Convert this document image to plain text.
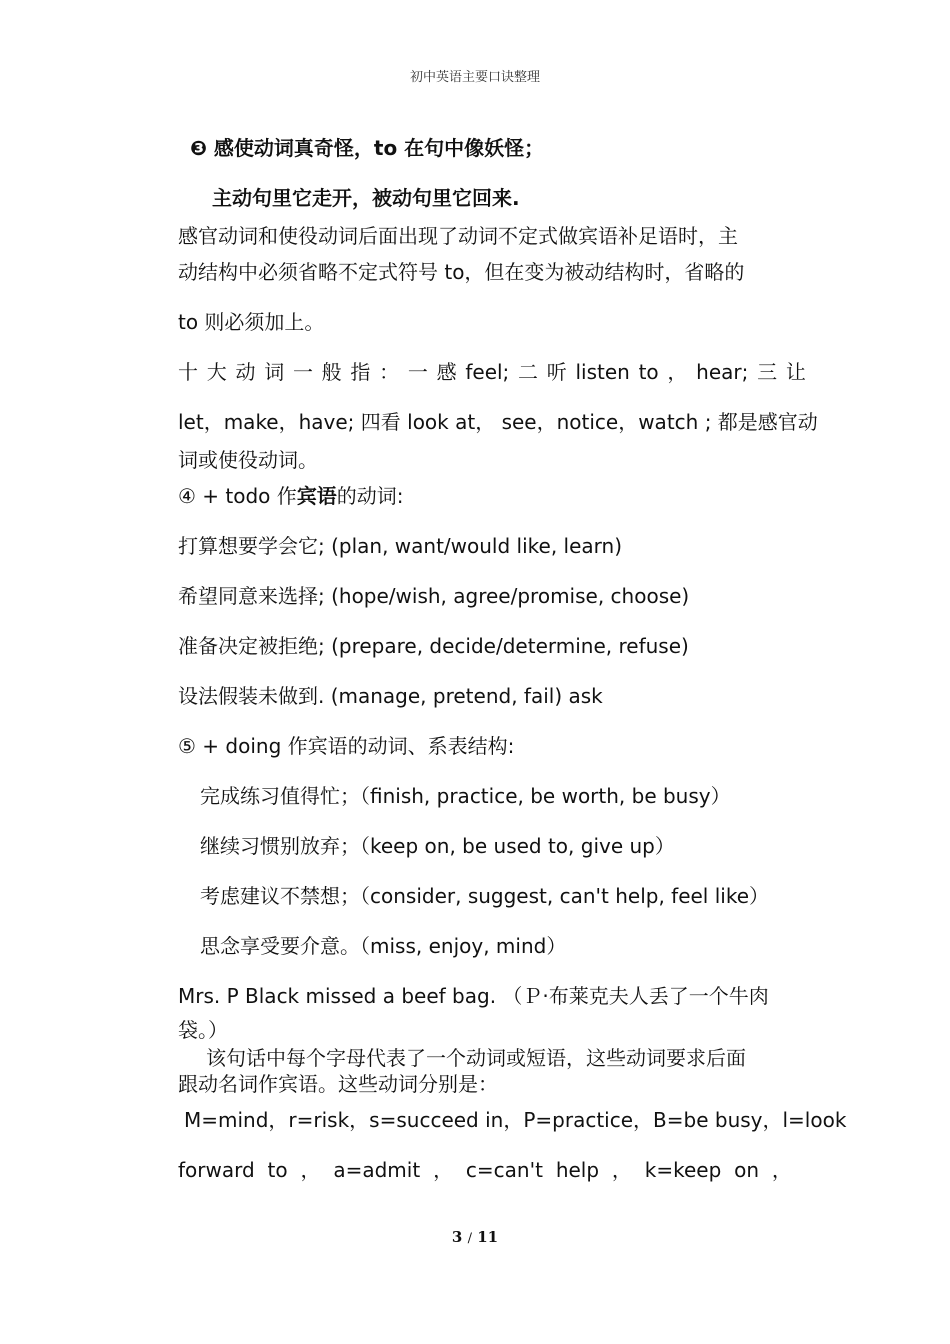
初中英语主要口诀整理
❸ 感使动词真奇怪，to 在句中像妖怪；
主动句里它走开，被动句里它回来.
感官动词和使役动词后面出现了动词不定式做宾语补足语时，主
动结构中必须省略不定式符号 to，但在变为被动结构时，省略的
to 则必须加上。
十 大 动 词 一 般 指 ： 一 感 feel; 二 听 listen to ， hear; 三 让
let，make，have; 四看 look at， see，notice，watch ; 都是感官动
词或使役动词。
④ + todo 作宾语的动词:
打算想要学会它; (plan, want/would like, learn)
希望同意来选择; (hope/wish, agree/promise, choose)
准备决定被拒绝; (prepare, decide/determine, refuse)
设法假装未做到. (manage, pretend, fail) ask
⑤ + doing 作宾语的动词、系表结构:
完成练习值得忙；（finish, practice, be worth, be busy）
继续习惯别放弃；（keep on, be used to, give up）
考虑建议不禁想；（consider, suggest, can't help, feel like）
思念享受要介意。（miss, enjoy, mind）
Mrs. P Black missed a beef bag. （Ｐ·布莱克夫人丢了一个牛肉
袋。）
该句话中每个字母代表了一个动词或短语，这些动词要求后面
跟动名词作宾语。这些动词分别是：
M=mind，r=risk，s=succeed in，P=practice，B=be busy，l=look
forward to ， a=admit ， c=can't help ， k=keep on ，
3 / 11
